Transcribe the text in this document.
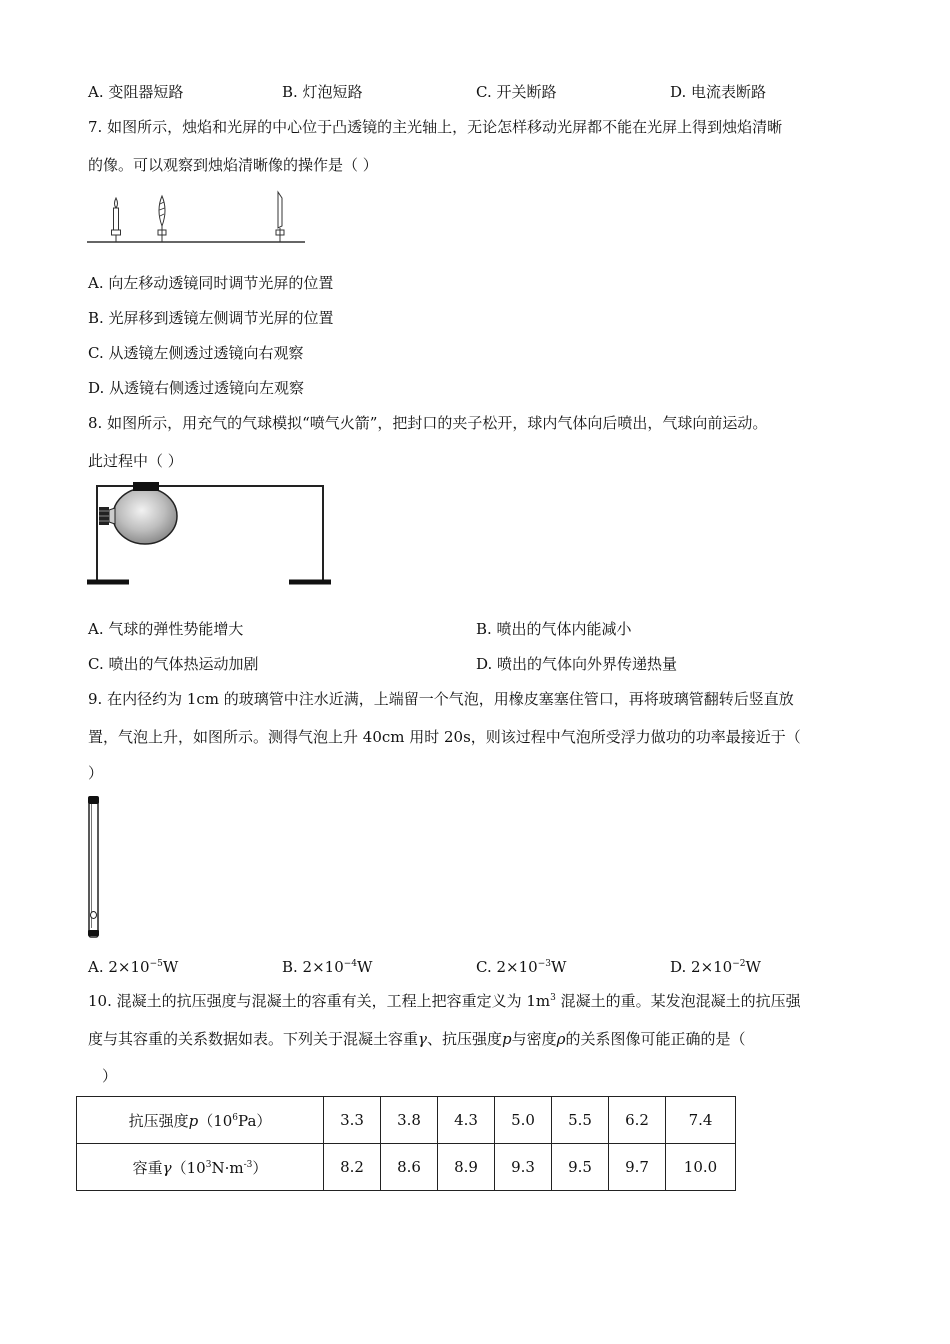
A. 变阻器短路	B. 灯泡短路	C. 开关断路	D. 电流表断路
7. 如图所示，烛焰和光屏的中心位于凸透镜的主光轴上，无论怎样移动光屏都不能在光屏上得到烛焰清晰
的像。可以观察到烛焰清晰像的操作是（ ）
A. 向左移动透镜同时调节光屏的位置
B. 光屏移到透镜左侧调节光屏的位置
C. 从透镜左侧透过透镜向右观察
D. 从透镜右侧透过透镜向左观察
8. 如图所示，用充气的气球模拟“喷气火箭”，把封口的夹子松开，球内气体向后喷出，气球向前运动。
此过程中（ ）
A. 气球的弹性势能增大	B. 喷出的气体内能减小
C. 喷出的气体热运动加剧	D. 喷出的气体向外界传递热量
9. 在内径约为 1cm 的玻璃管中注水近满，上端留一个气泡，用橡皮塞塞住管口，再将玻璃管翻转后竖直放
置，气泡上升，如图所示。测得气泡上升 40cm 用时 20s，则该过程中气泡所受浮力做功的功率最接近于（
）
A. $2\times 10^{-5}W$	B. $2\times 10^{-4}W$	C. $2\times 10^{-3}W$	D. $2\times 10^{-2}W$
10. 混凝土的抗压强度与混凝土的容重有关，工程上把容重定义为 $1m^3$ 混凝土的重。某发泡混凝土的抗压强
度与其容重的关系数据如表。下列关于混凝土容重γ、抗压强度p与密度ρ的关系图像可能正确的是（
）
抗压强度$p(10^6Pa)$	3.3	3.8	4.3	5.0	5.5	6.2	7.4
容重$\gamma(10^3N\cdot m^{-3})$	8.2	8.6	8.9	9.3	9.5	9.7	10.0
